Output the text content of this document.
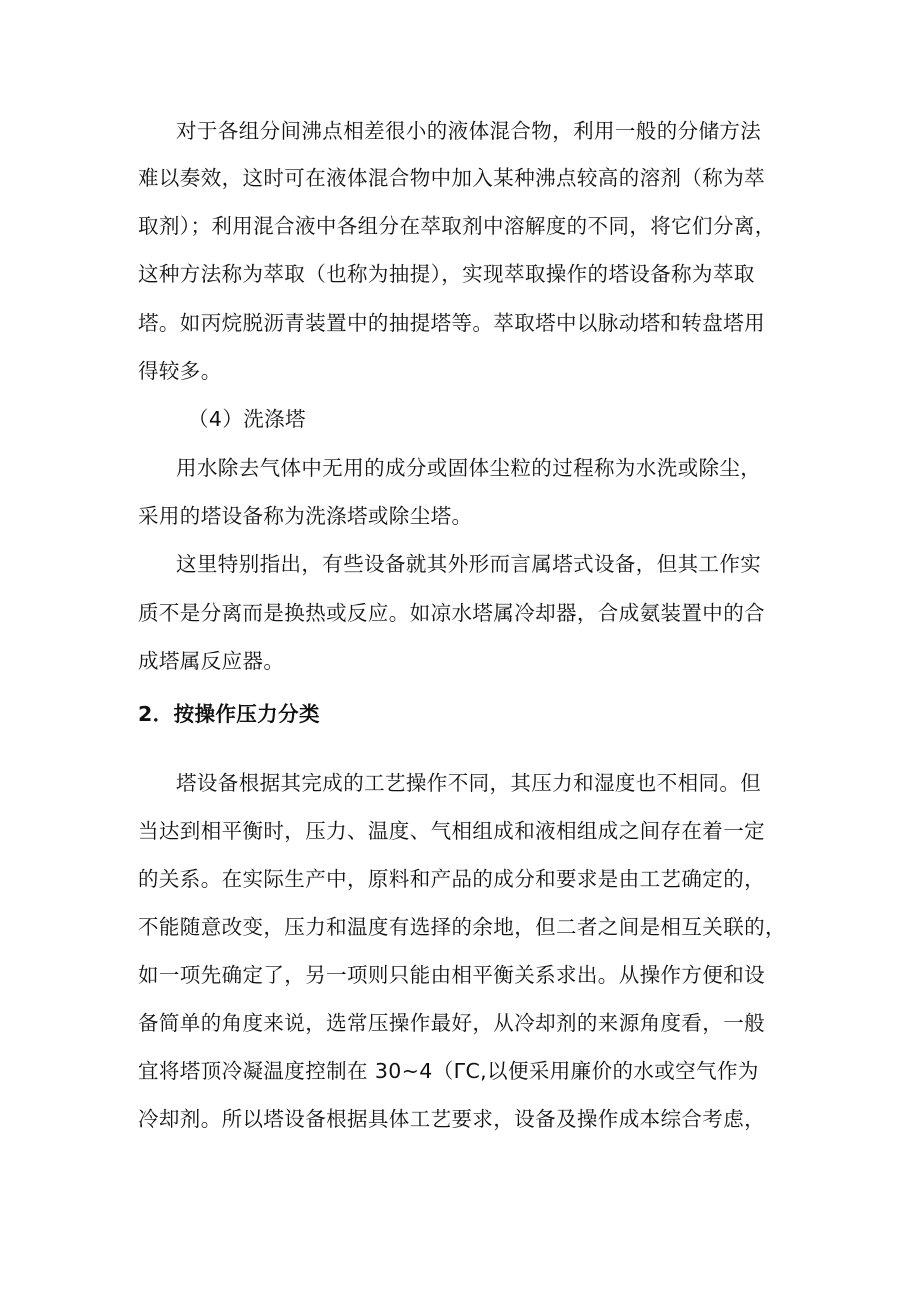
对于各组分间沸点相差很小的液体混合物，利用一般的分储方法
难以奏效，这时可在液体混合物中加入某种沸点较高的溶剂（称为萃
取剂）；利用混合液中各组分在萃取剂中溶解度的不同，将它们分离，
这种方法称为萃取（也称为抽提），实现萃取操作的塔设备称为萃取
塔。如丙烷脱沥青装置中的抽提塔等。萃取塔中以脉动塔和转盘塔用
得较多。
（4）洗涤塔
用水除去气体中无用的成分或固体尘粒的过程称为水洗或除尘，
采用的塔设备称为洗涤塔或除尘塔。
这里特别指出，有些设备就其外形而言属塔式设备，但其工作实
质不是分离而是换热或反应。如凉水塔属冷却器，合成氨装置中的合
成塔属反应器。
2．按操作压力分类
塔设备根据其完成的工艺操作不同，其压力和湿度也不相同。但
当达到相平衡时，压力、温度、气相组成和液相组成之间存在着一定
的关系。在实际生产中，原料和产品的成分和要求是由工艺确定的，
不能随意改变，压力和温度有选择的余地，但二者之间是相互关联的，
如一项先确定了，另一项则只能由相平衡关系求出。从操作方便和设
备简单的角度来说，选常压操作最好，从冷却剂的来源角度看，一般
宜将塔顶冷凝温度控制在 30~4（ΓC,以便采用廉价的水或空气作为
冷却剂。所以塔设备根据具体工艺要求，设备及操作成本综合考虑，
